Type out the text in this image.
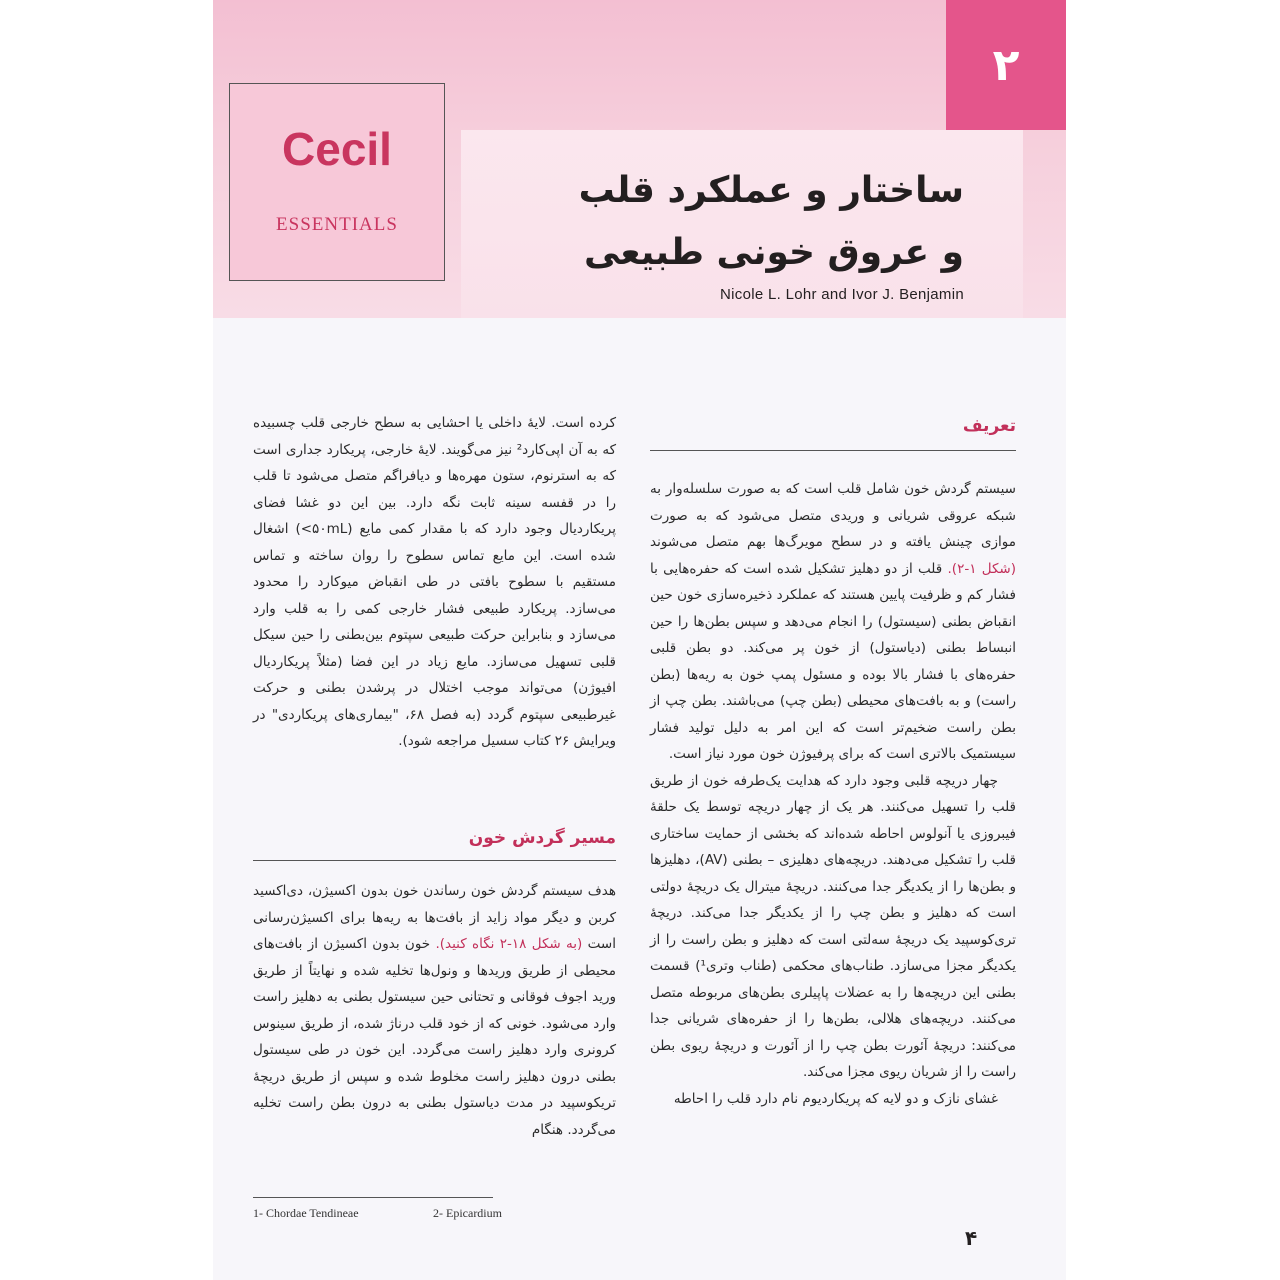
۲
Cecil
ESSENTIALS
ساختار و عملکرد قلب
و عروق خونی طبیعی
Nicole L. Lohr and Ivor J. Benjamin
تعریف

سیستم گردش خون شامل قلب است که به صورت سلسله‌وار به شبکه عروقی شریانی و وریدی متصل می‌شود که به صورت موازی چینش یافته و در سطح مویرگ‌ها بهم متصل می‌شوند (شکل ۱-۲). قلب از دو دهلیز تشکیل شده است که حفره‌هایی با فشار کم و ظرفیت پایین هستند که عملکرد ذخیره‌سازی خون حین انقباض بطنی (سیستول) را انجام می‌دهد و سپس بطن‌ها را حین انبساط بطنی (دیاستول) از خون پر می‌کند. دو بطن قلبی حفره‌های با فشار بالا بوده و مسئول پمپ خون به ریه‌ها (بطن راست) و به بافت‌های محیطی (بطن چپ) می‌باشند. بطن چپ از بطن راست ضخیم‌تر است که این امر به دلیل تولید فشار سیستمیک بالاتری است که برای پرفیوژن خون مورد نیاز است.

چهار دریچه قلبی وجود دارد که هدایت یک‌طرفه خون از طریق قلب را تسهیل می‌کنند. هر یک از چهار دریچه توسط یک حلقهٔ فیبروزی یا آنولوس احاطه شده‌اند که بخشی از حمایت ساختاری قلب را تشکیل می‌دهند. دریچه‌های دهلیزی – بطنی (AV)، دهلیزها و بطن‌ها را از یکدیگر جدا می‌کنند. دریچهٔ میترال یک دریچهٔ دولتی است که دهلیز و بطن چپ را از یکدیگر جدا می‌کند. دریچهٔ تری‌کوسپید یک دریچهٔ سه‌لتی است که دهلیز و بطن راست را از یکدیگر مجزا می‌سازد. طناب‌های محکمی (طناب وتری¹) قسمت بطنی این دریچه‌ها را به عضلات پاپیلری بطن‌های مربوطه متصل می‌کنند. دریچه‌های هلالی، بطن‌ها را از حفره‌های شریانی جدا می‌کنند: دریچهٔ آئورت بطن چپ را از آئورت و دریچهٔ ریوی بطن راست را از شریان ریوی مجزا می‌کند.

غشای نازک و دو لایه که پریکاردیوم نام دارد قلب را احاطه

کرده است. لایهٔ داخلی یا احشایی به سطح خارجی قلب چسبیده که به آن اپی‌کارد² نیز می‌گویند. لایهٔ خارجی، پریکارد جداری است که به استرنوم، ستون مهره‌ها و دیافراگم متصل می‌شود تا قلب را در قفسه سینه ثابت نگه دارد. بین این دو غشا فضای پریکاردیال وجود دارد که با مقدار کمی مایع (‎<۵۰mL‎) اشغال شده است. این مایع تماس سطوح را روان ساخته و تماس مستقیم با سطوح بافتی در طی انقباض میوکارد را محدود می‌سازد. پریکارد طبیعی فشار خارجی کمی را به قلب وارد می‌سازد و بنابراین حرکت طبیعی سپتوم بین‌بطنی را حین سیکل قلبی تسهیل می‌سازد. مایع زیاد در این فضا (مثلاً پریکاردیال افیوژن) می‌تواند موجب اختلال در پرشدن بطنی و حرکت غیرطبیعی سپتوم گردد (به فصل ۶۸، "بیماری‌های پریکاردی" در ویرایش ۲۶ کتاب سسیل مراجعه شود).

مسیر گردش خون

هدف سیستم گردش خون رساندن خون بدون اکسیژن، دی‌اکسید کربن و دیگر مواد زاید از بافت‌ها به ریه‌ها برای اکسیژن‌رسانی است (به شکل ۱۸-۲ نگاه کنید). خون بدون اکسیژن از بافت‌های محیطی از طریق وریدها و ونول‌ها تخلیه شده و نهایتاً از طریق ورید اجوف فوقانی و تحتانی حین سیستول بطنی به دهلیز راست وارد می‌شود. خونی که از خود قلب درناژ شده، از طریق سینوس کرونری وارد دهلیز راست می‌گردد. این خون در طی سیستول بطنی درون دهلیز راست مخلوط شده و سپس از طریق دریچهٔ تریکوسپید در مدت دیاستول بطنی به درون بطن راست تخلیه می‌گردد. هنگام

1- Chordae Tendineae	2- Epicardium
۴
